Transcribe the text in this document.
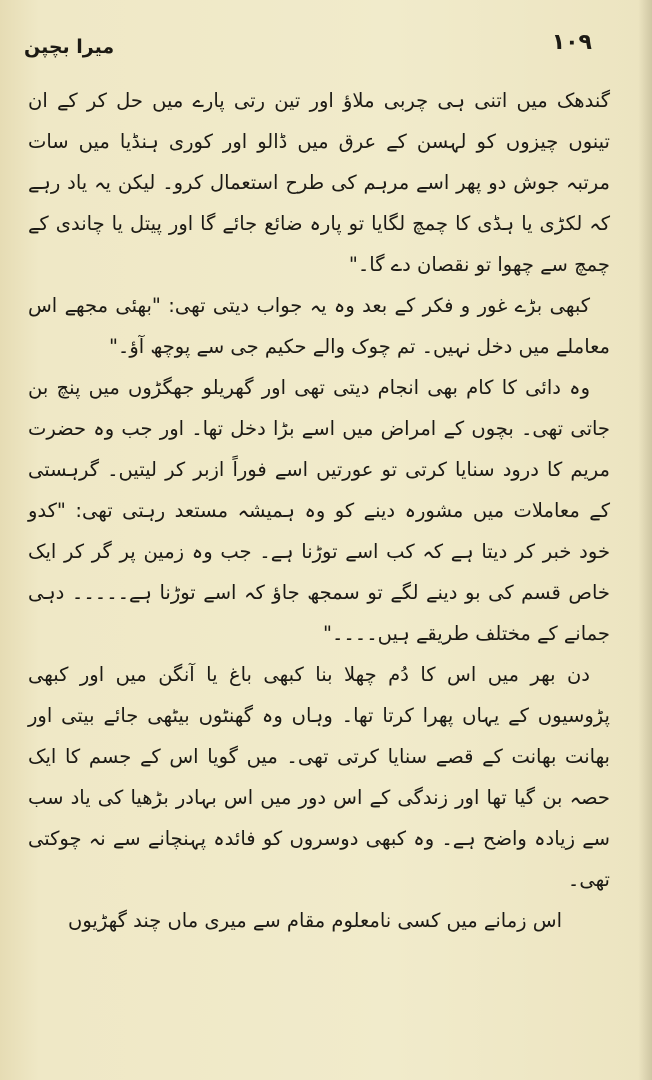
میرا بچپن	۱۰۹

گندھک میں اتنی ہی چربی ملاؤ اور تین رتی پارے میں حل کر کے ان تینوں چیزوں کو لہسن کے عرق میں ڈالو اور کوری ہنڈیا میں سات مرتبہ جوش دو پھر اسے مرہم کی طرح استعمال کرو۔ لیکن یہ یاد رہے کہ لکڑی یا ہڈی کا چمچ لگایا تو پارہ ضائع جائے گا اور پیتل یا چاندی کے چمچ سے چھوا تو نقصان دے گا۔"

کبھی بڑے غور و فکر کے بعد وہ یہ جواب دیتی تھی: "بھئی مجھے اس معاملے میں دخل نہیں۔ تم چوک والے حکیم جی سے پوچھ آؤ۔"

وہ دائی کا کام بھی انجام دیتی تھی اور گھریلو جھگڑوں میں پنچ بن جاتی تھی۔ بچوں کے امراض میں اسے بڑا دخل تھا۔ اور جب وہ حضرت مریم کا درود سنایا کرتی تو عورتیں اسے فوراً ازبر کر لیتیں۔ گرہستی کے معاملات میں مشورہ دینے کو وہ ہمیشہ مستعد رہتی تھی: "کدو خود خبر کر دیتا ہے کہ کب اسے توڑنا ہے۔ جب وہ زمین پر گر کر ایک خاص قسم کی بو دینے لگے تو سمجھ جاؤ کہ اسے توڑنا ہے۔۔۔۔۔ دہی جمانے کے مختلف طریقے ہیں۔۔۔۔"

دن بھر میں اس کا دُم چھلا بنا کبھی باغ یا آنگن میں اور کبھی پڑوسیوں کے یہاں پھرا کرتا تھا۔ وہاں وہ گھنٹوں بیٹھی جائے بیتی اور بھانت بھانت کے قصے سنایا کرتی تھی۔ میں گویا اس کے جسم کا ایک حصہ بن گیا تھا اور زندگی کے اس دور میں اس بہادر بڑھیا کی یاد سب سے زیادہ واضح ہے۔ وہ کبھی دوسروں کو فائدہ پہنچانے سے نہ چوکتی تھی۔

اس زمانے میں کسی نامعلوم مقام سے میری ماں چند گھڑیوں
